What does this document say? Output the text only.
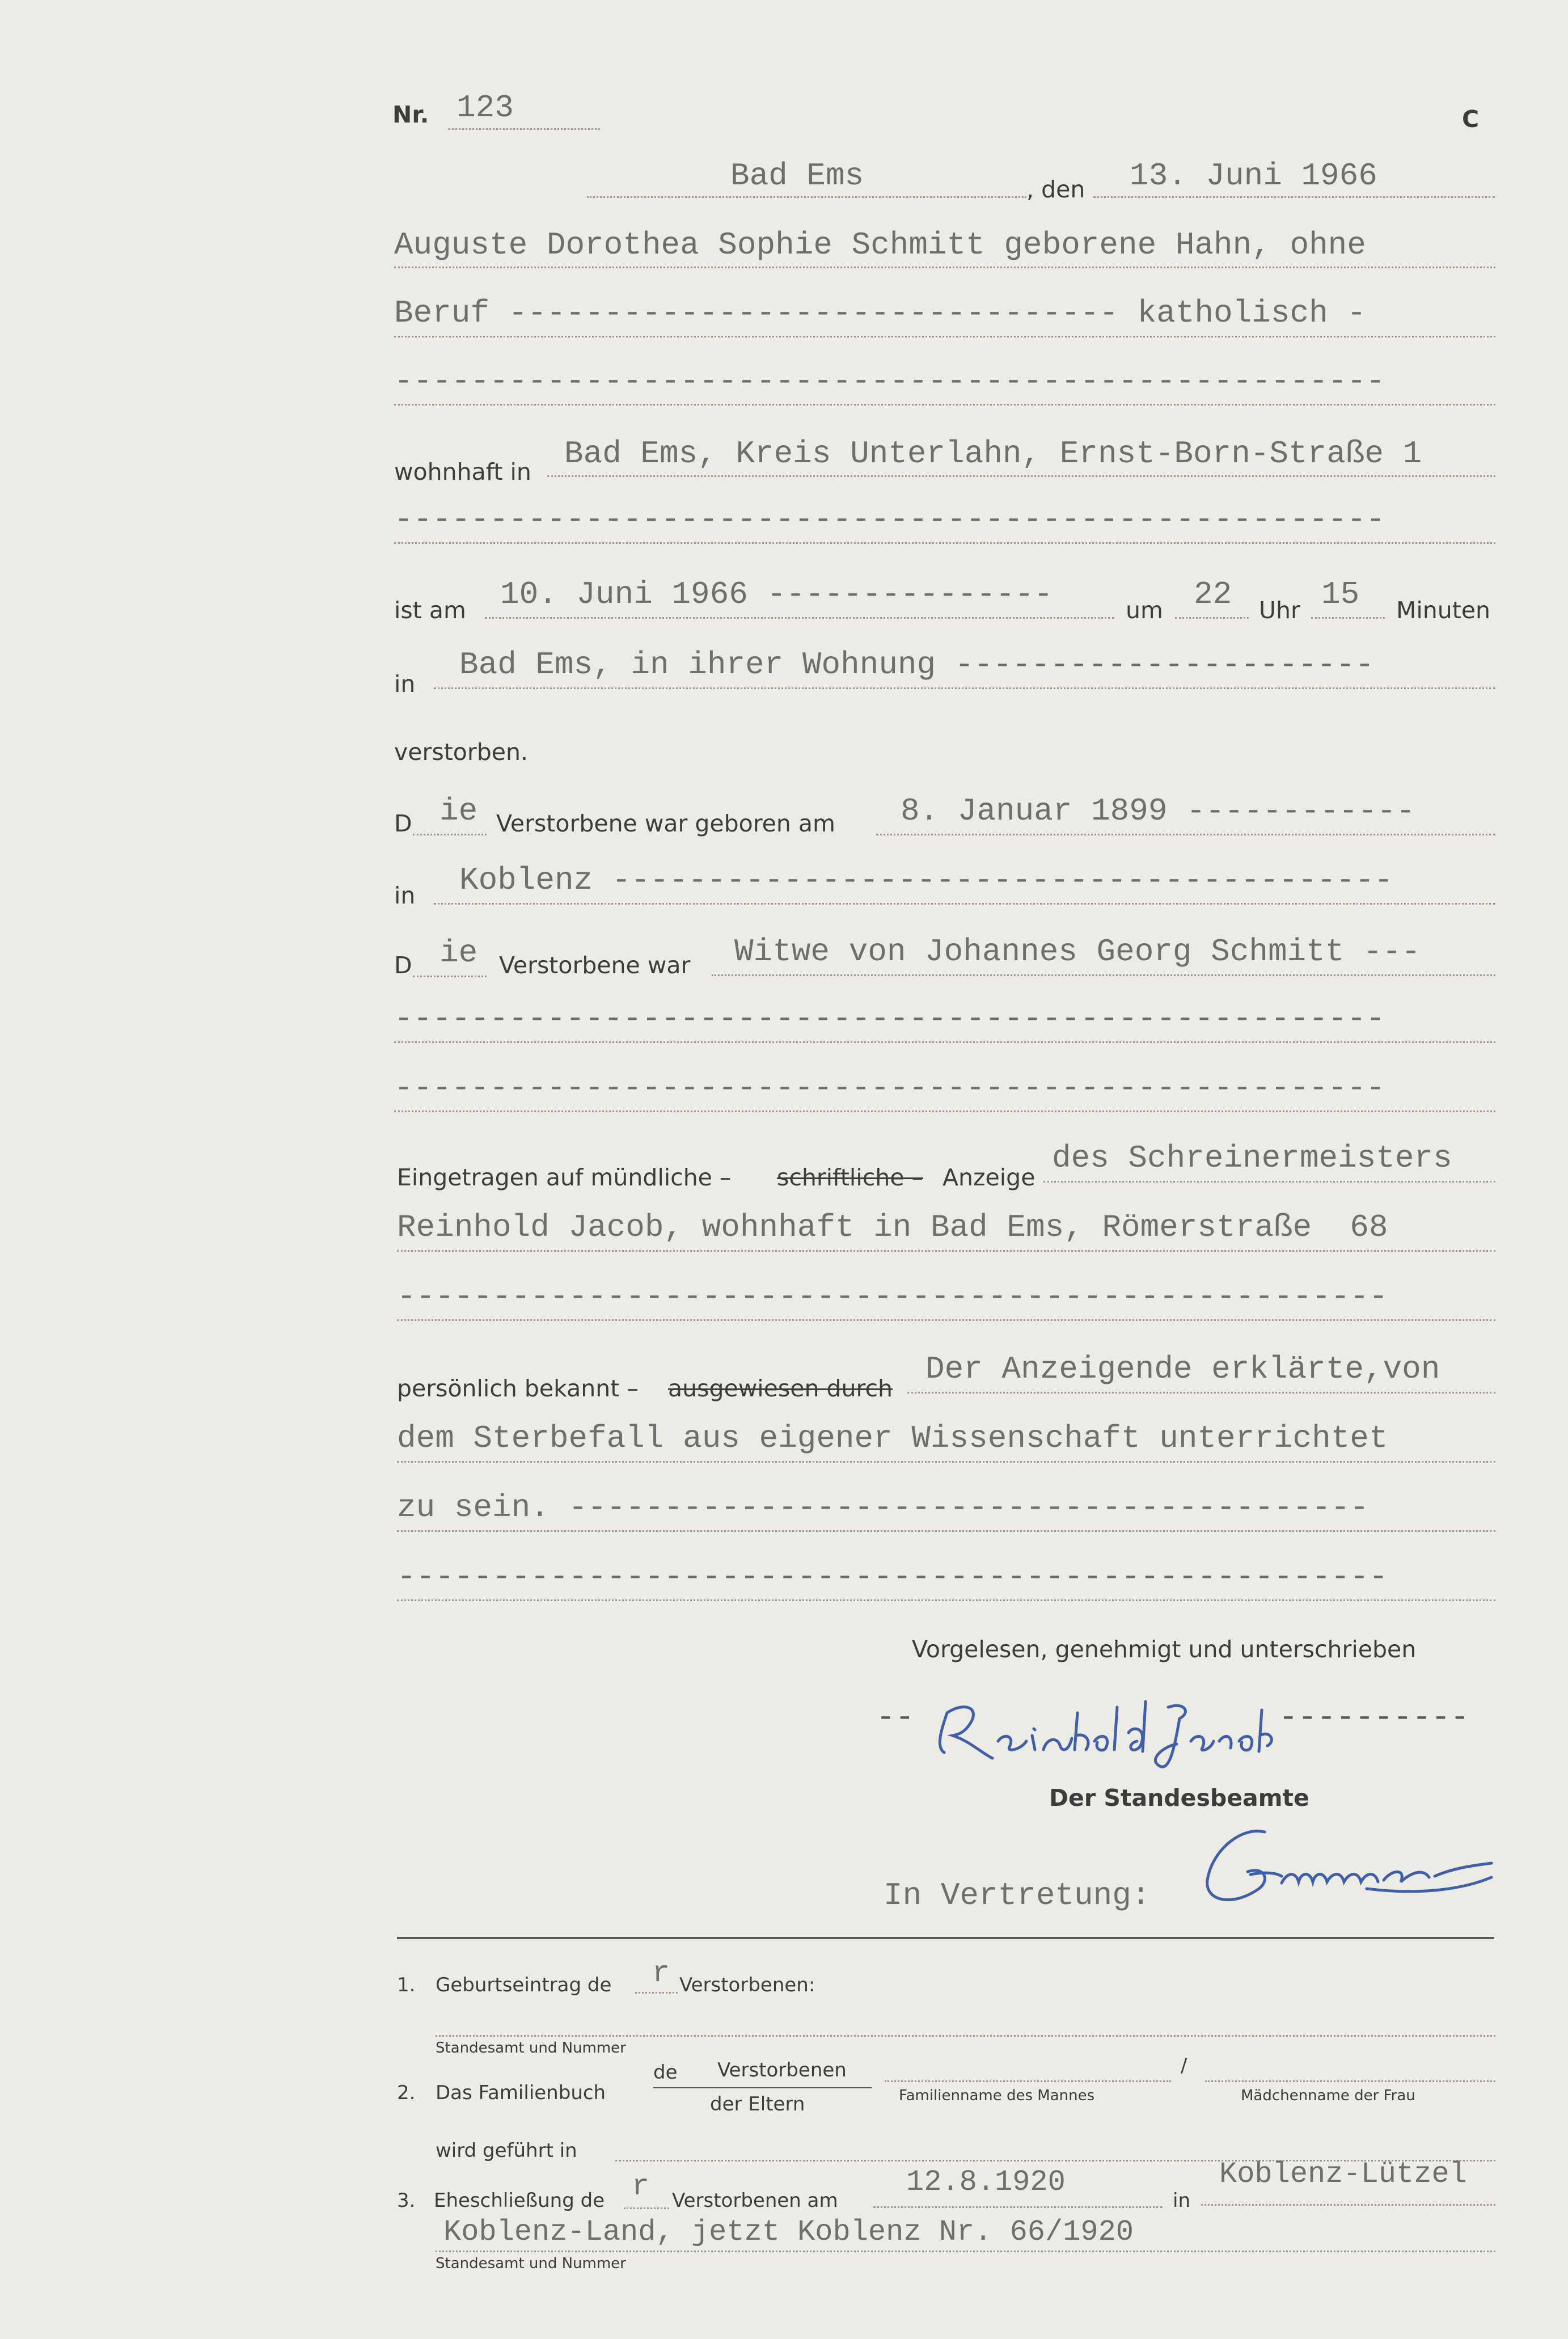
Nr. 123	C
Bad Ems	, den 13. Juni 1966
Auguste Dorothea Sophie Schmitt geborene Hahn, ohne
Beruf -------------------------------- katholisch -
----------------------------------------------------
wohnhaft in Bad Ems, Kreis Unterlahn, Ernst-Born-Straße 1
----------------------------------------------------
ist am 10. Juni 1966 ---------------	um 22 Uhr 15 Minuten
in
Bad Ems, in ihrer Wohnung ----------------------
verstorben.
D ie Verstorbene war geboren am 8. Januar 1899 ------------
in Koblenz -----------------------------------------
D ie Verstorbene war Witwe von Johannes Georg Schmitt ---
----------------------------------------------------
----------------------------------------------------
Eingetragen auf mündliche – schriftliche – Anzeige
des Schreinermeisters
Reinhold Jacob, wohnhaft in Bad Ems, Römerstraße  68
----------------------------------------------------
persönlich bekannt – ausgewiesen durch
Der Anzeigende erklärte,von
dem Sterbefall aus eigener Wissenschaft unterrichtet
zu sein. ------------------------------------------
----------------------------------------------------
Vorgelesen, genehmigt und unterschrieben
--	----------
Der Standesbeamte
In Vertretung:
1. Geburtseintrag de r Verstorbenen:
Standesamt und Nummer
2. Das Familienbuch
de Verstorbenen
der Eltern	Familienname des Mannes
/
Mädchenname der Frau
wird geführt in
3. Eheschließung de r Verstorbenen am
12.8.1920
in
Koblenz-Lützel
Koblenz-Land, jetzt Koblenz Nr. 66/1920
Standesamt und Nummer
